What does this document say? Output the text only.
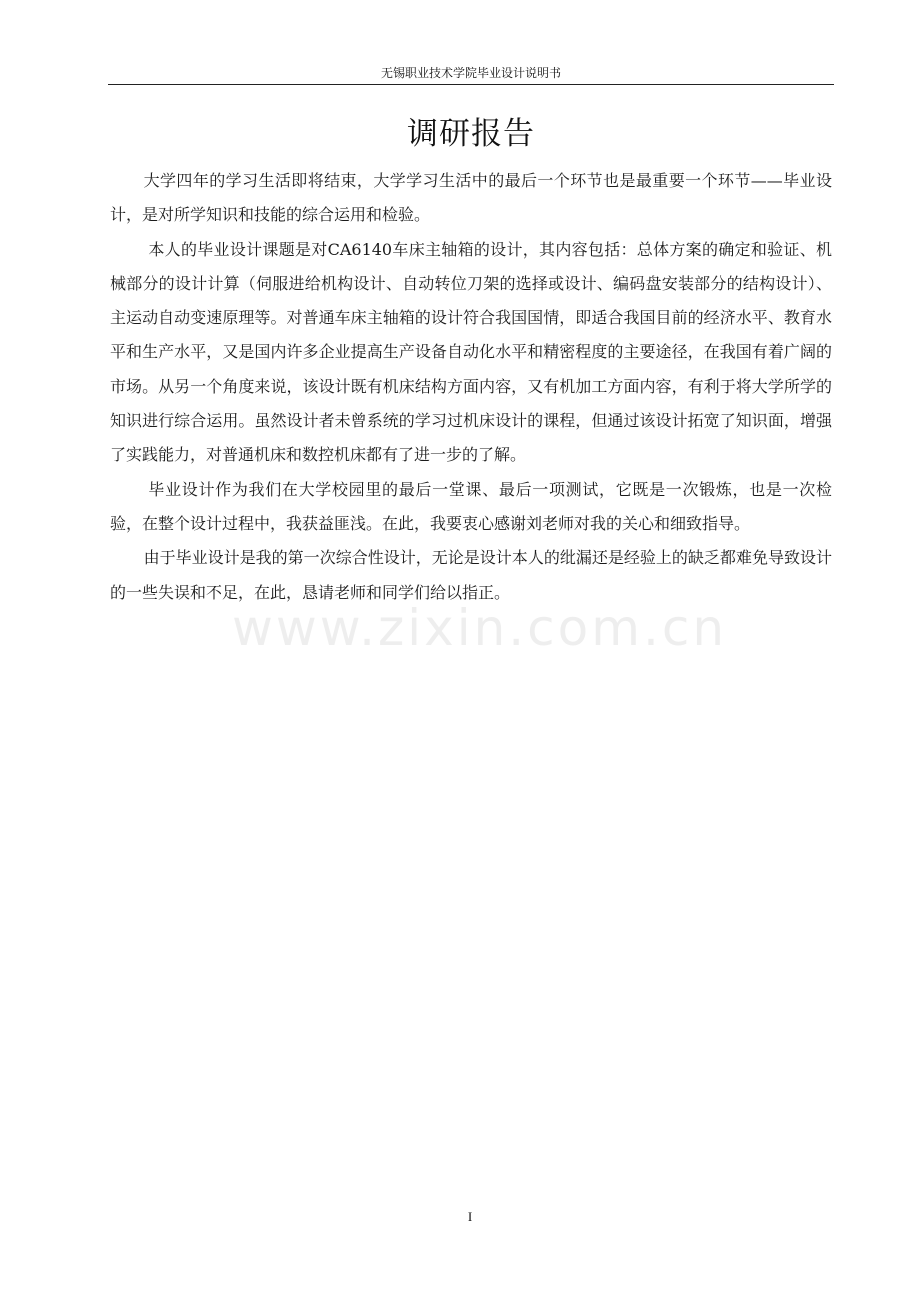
无锡职业技术学院毕业设计说明书
调研报告

大学四年的学习生活即将结束，大学学习生活中的最后一个环节也是最重要一个环节——毕业设计，是对所学知识和技能的综合运用和检验。

本人的毕业设计课题是对CA6140车床主轴箱的设计，其内容包括：总体方案的确定和验证、机械部分的设计计算（伺服进给机构设计、自动转位刀架的选择或设计、编码盘安装部分的结构设计）、主运动自动变速原理等。对普通车床主轴箱的设计符合我国国情，即适合我国目前的经济水平、教育水平和生产水平，又是国内许多企业提高生产设备自动化水平和精密程度的主要途径，在我国有着广阔的市场。从另一个角度来说，该设计既有机床结构方面内容，又有机加工方面内容，有利于将大学所学的知识进行综合运用。虽然设计者未曾系统的学习过机床设计的课程，但通过该设计拓宽了知识面，增强了实践能力，对普通机床和数控机床都有了进一步的了解。

毕业设计作为我们在大学校园里的最后一堂课、最后一项测试，它既是一次锻炼，也是一次检验，在整个设计过程中，我获益匪浅。在此，我要衷心感谢刘老师对我的关心和细致指导。

由于毕业设计是我的第一次综合性设计，无论是设计本人的纰漏还是经验上的缺乏都难免导致设计的一些失误和不足，在此，恳请老师和同学们给以指正。

www.zixin.com.cn
I
